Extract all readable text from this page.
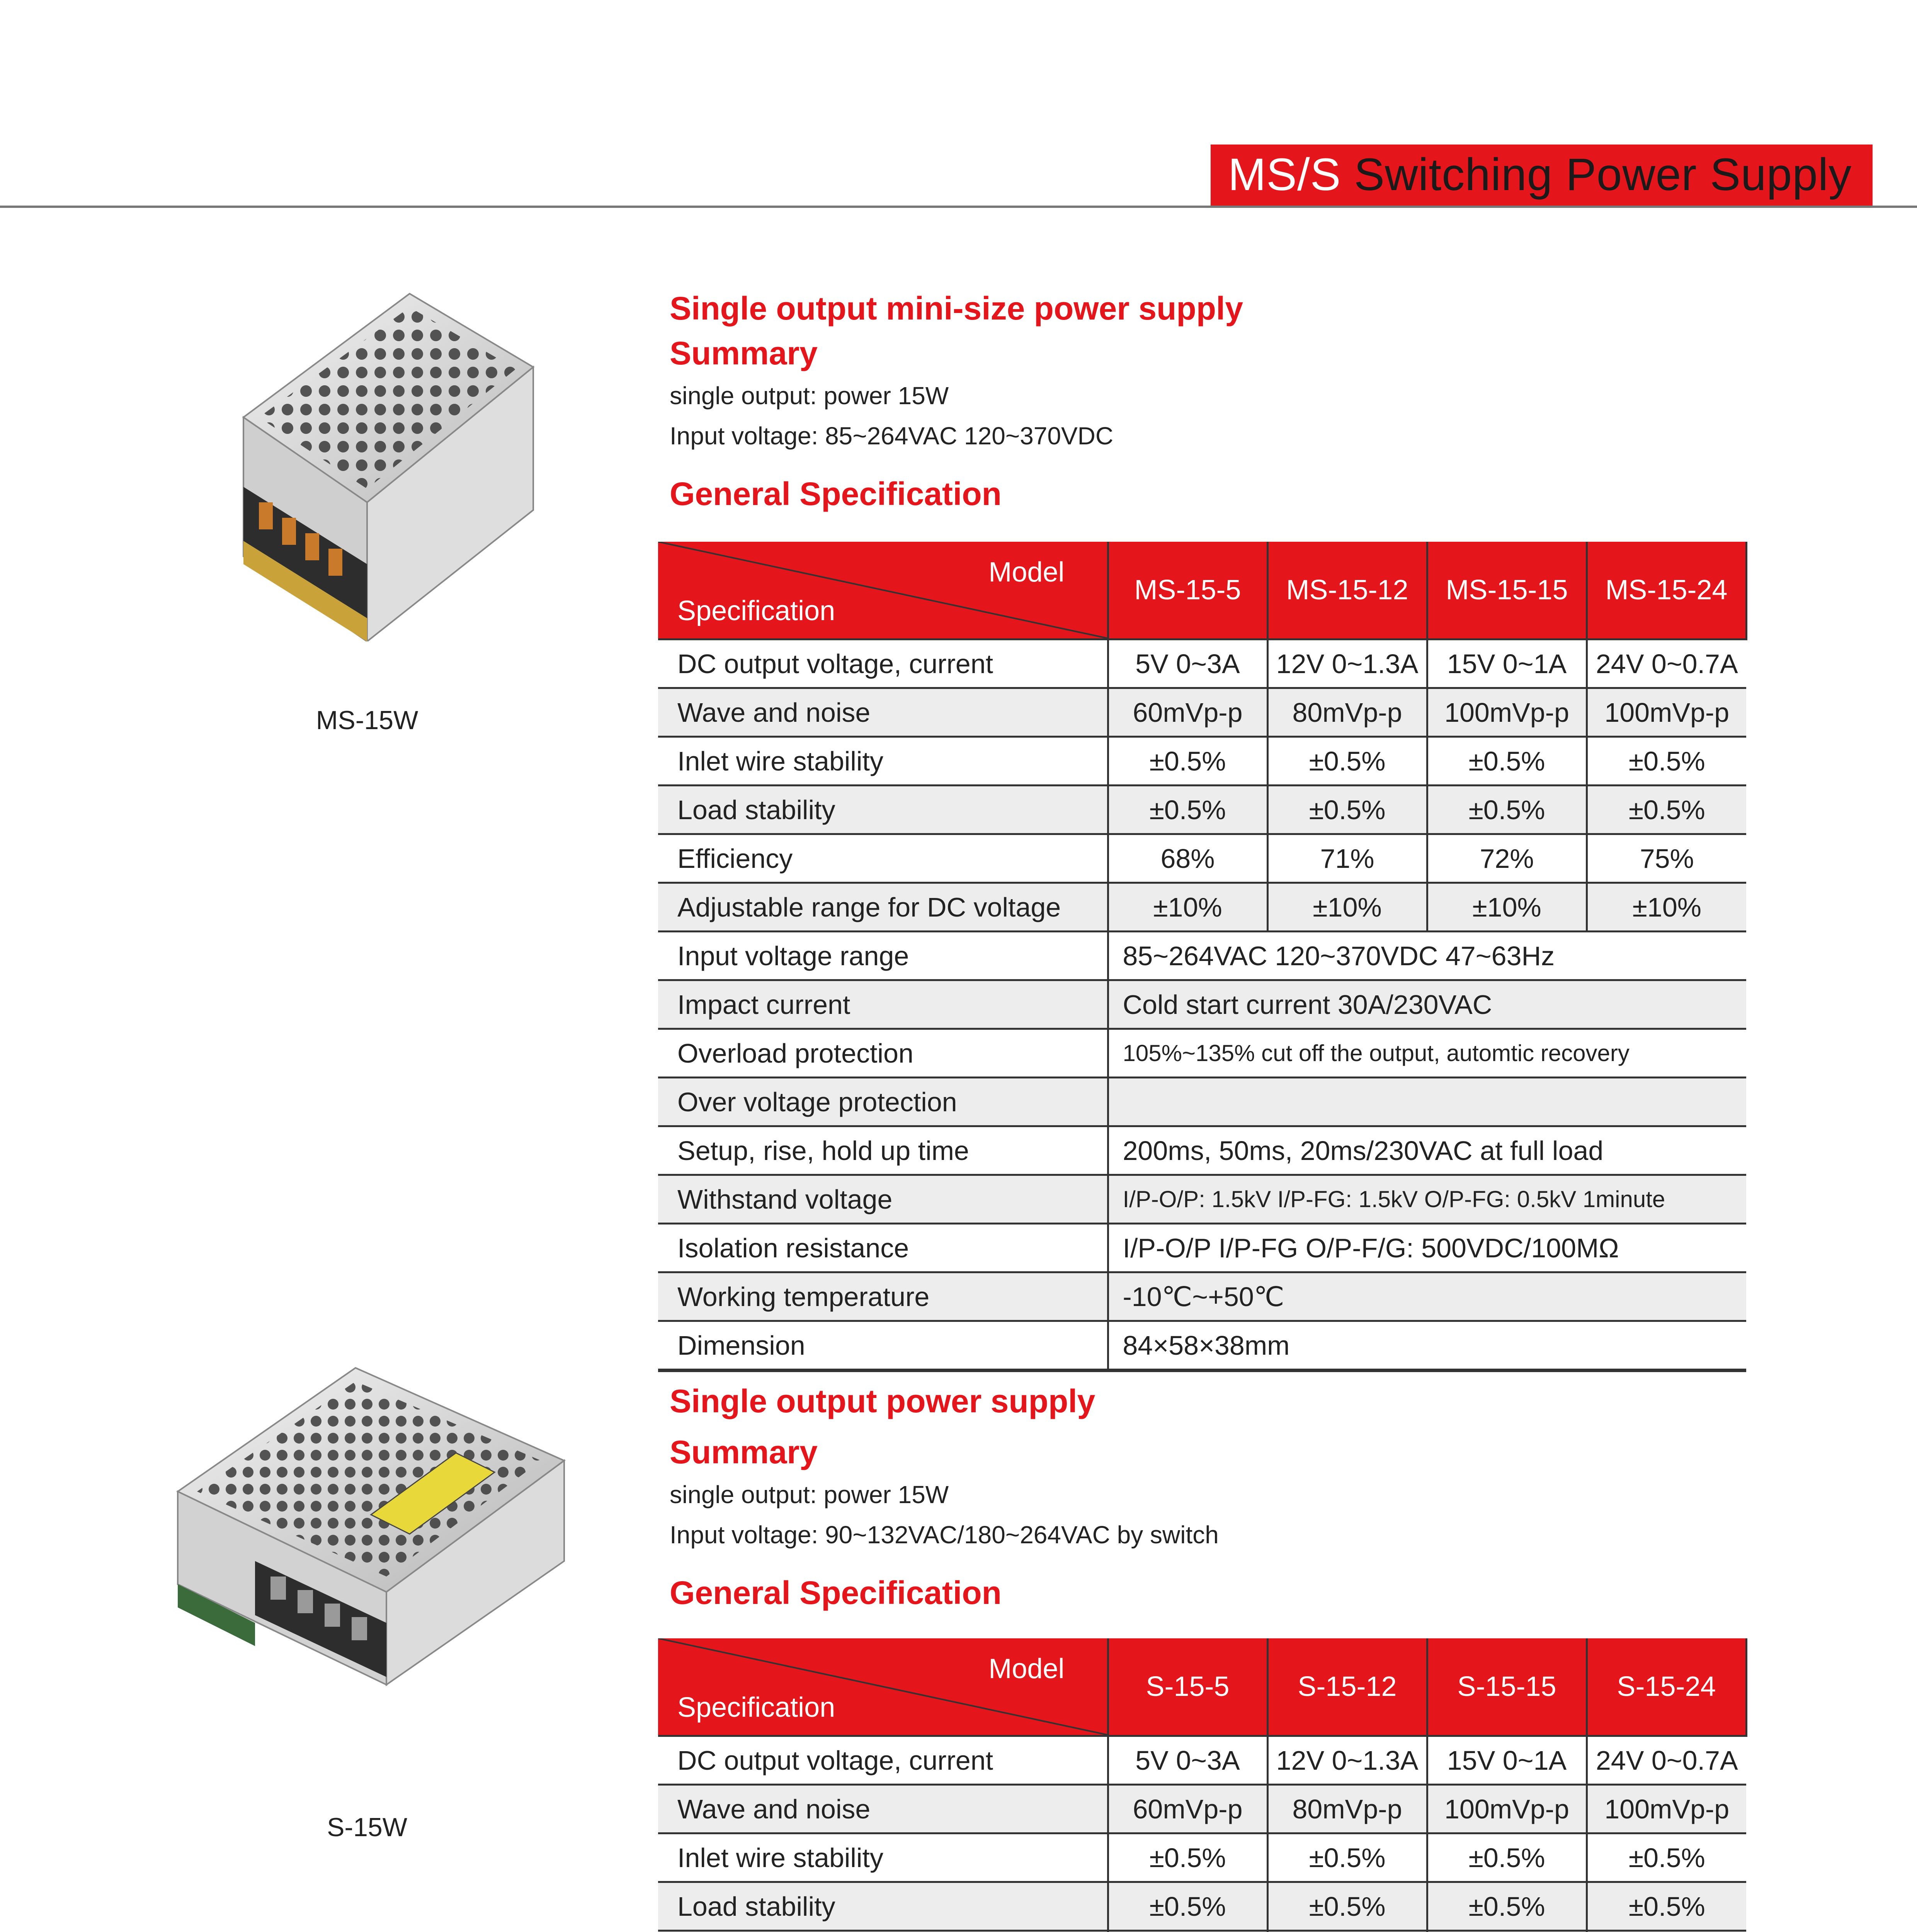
MS/S Switching Power Supply
MS-15W
Single output mini-size power supply
Summary
single output: power 15W
Input voltage: 85~264VAC 120~370VDC
General Specification
Model
Specification	MS-15-5	MS-15-12	MS-15-15	MS-15-24
DC output voltage, current	5V 0~3A	12V 0~1.3A	15V 0~1A	24V 0~0.7A
Wave and noise	60mVp-p	80mVp-p	100mVp-p	100mVp-p
Inlet wire stability	±0.5%	±0.5%	±0.5%	±0.5%
Load stability	±0.5%	±0.5%	±0.5%	±0.5%
Efficiency	68%	71%	72%	75%
Adjustable range for DC voltage	±10%	±10%	±10%	±10%
Input voltage range	85~264VAC 120~370VDC 47~63Hz			
Impact current	Cold start current 30A/230VAC			
Overload protection	105%~135% cut off the output, automtic recovery			
Over voltage protection				
Setup, rise, hold up time	200ms, 50ms, 20ms/230VAC at full load			
Withstand voltage	I/P-O/P: 1.5kV I/P-FG: 1.5kV O/P-FG: 0.5kV 1minute			
Isolation resistance	I/P-O/P I/P-FG O/P-F/G: 500VDC/100MΩ			
Working temperature	-10℃~+50℃			
Dimension	84×58×38mm			
S-15W
Single output power supply
Summary
single output: power 15W
Input voltage: 90~132VAC/180~264VAC by switch
General Specification
Model
Specification	S-15-5	S-15-12	S-15-15	S-15-24
DC output voltage, current	5V 0~3A	12V 0~1.3A	15V 0~1A	24V 0~0.7A
Wave and noise	60mVp-p	80mVp-p	100mVp-p	100mVp-p
Inlet wire stability	±0.5%	±0.5%	±0.5%	±0.5%
Load stability	±0.5%	±0.5%	±0.5%	±0.5%
